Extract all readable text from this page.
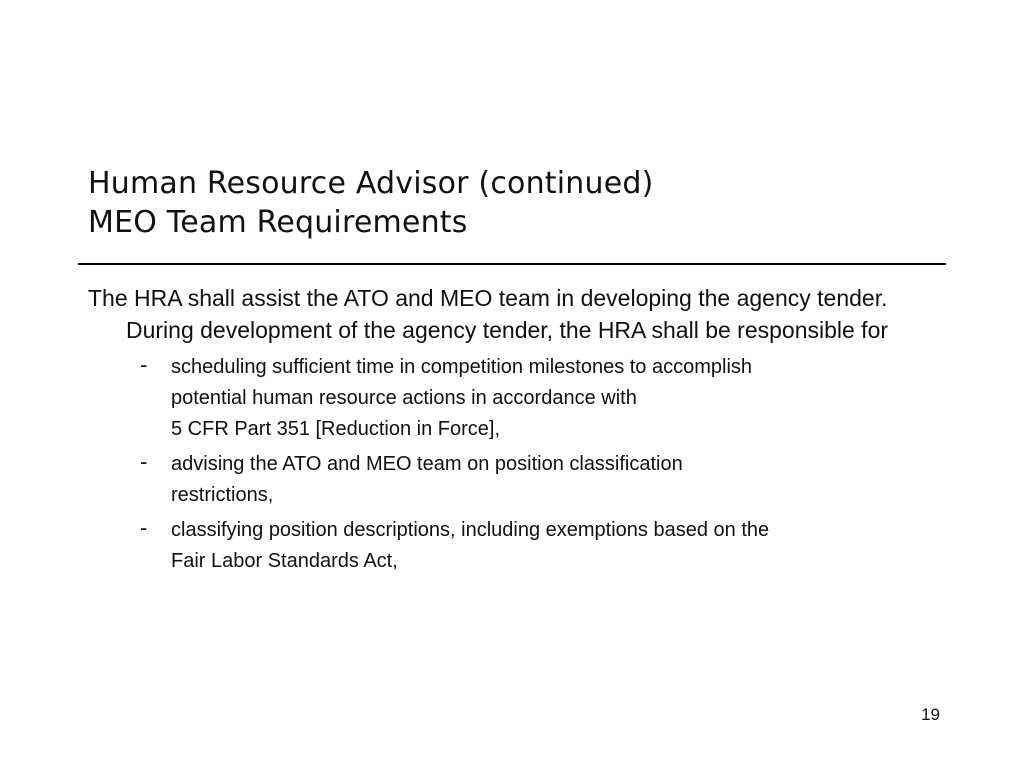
Human Resource Advisor (continued)
MEO Team Requirements

The HRA shall assist the ATO and MEO team in developing the agency tender. During development of the agency tender, the HRA shall be responsible for

- scheduling sufficient time in competition milestones to accomplish
potential human resource actions in accordance with
5 CFR Part 351 [Reduction in Force],
- advising the ATO and MEO team on position classification
restrictions,
- classifying position descriptions, including exemptions based on the
Fair Labor Standards Act,
19
